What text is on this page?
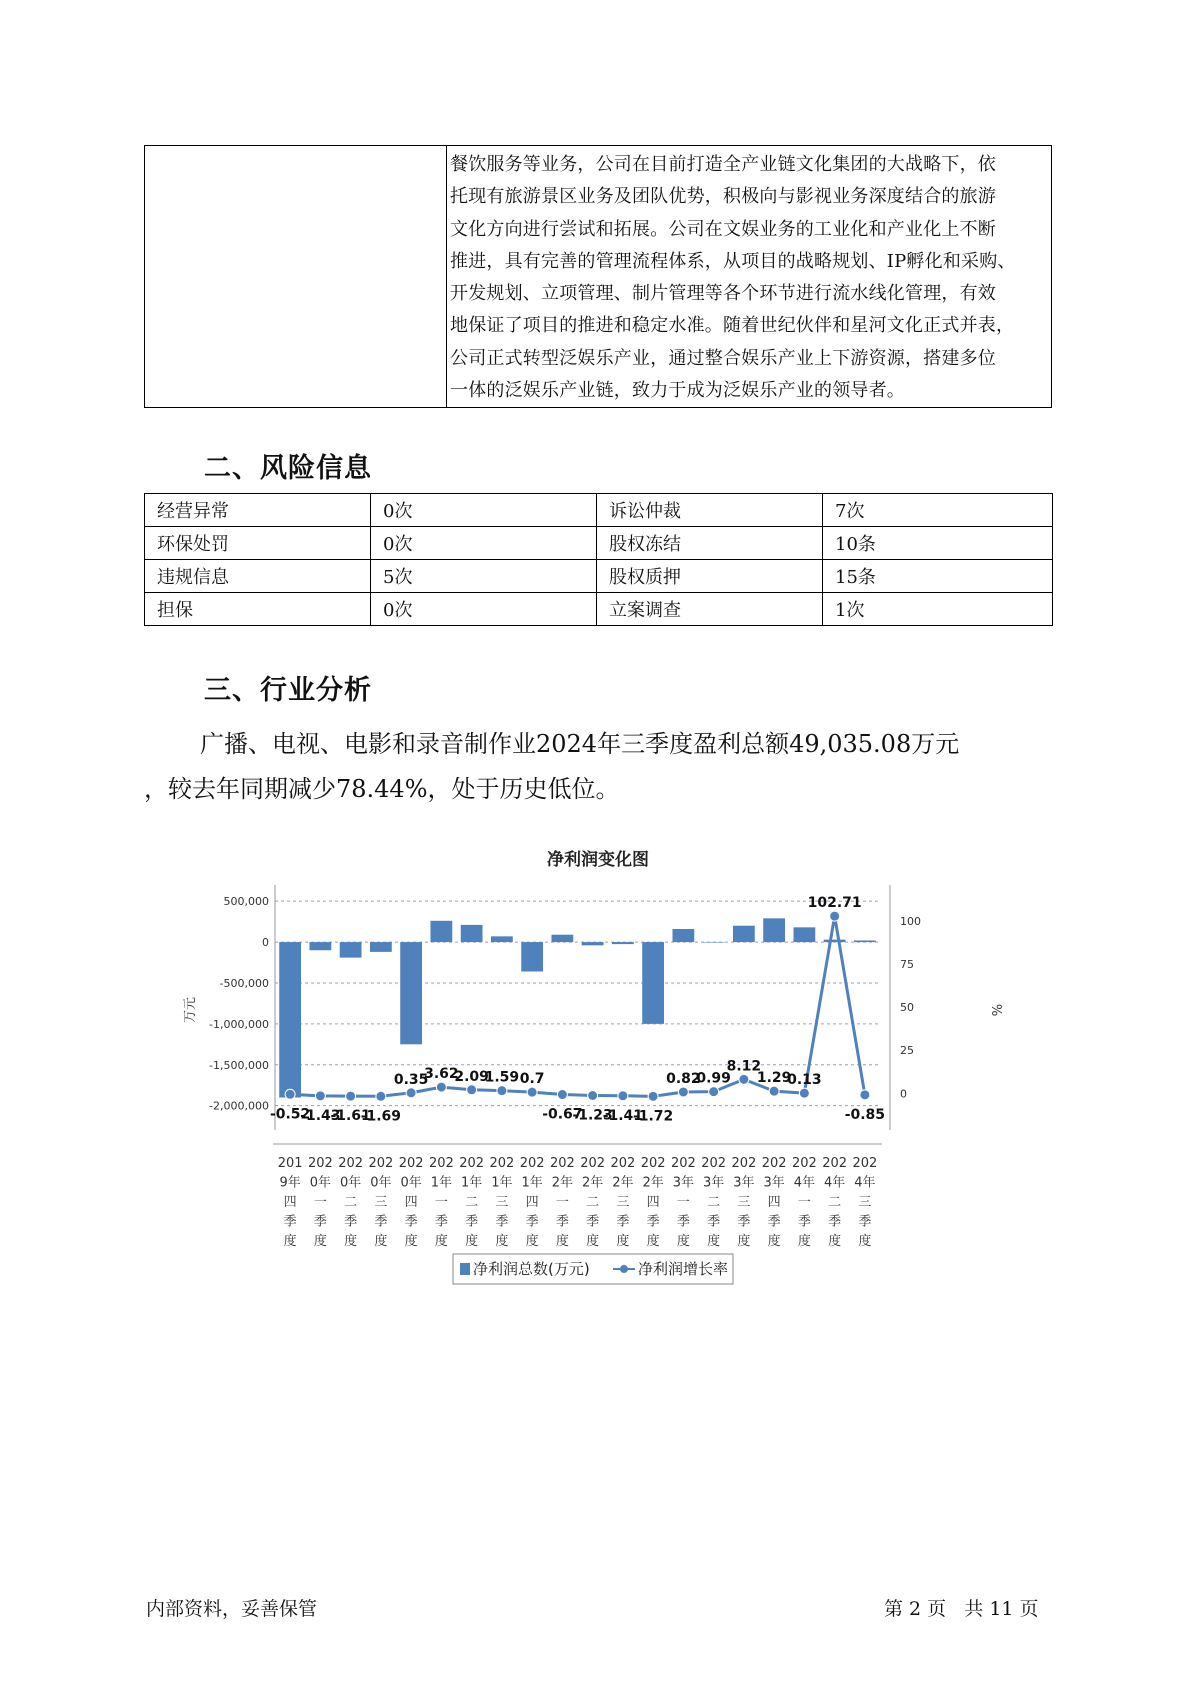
餐饮服务等业务，公司在目前打造全产业链文化集团的大战略下，依
托现有旅游景区业务及团队优势，积极向与影视业务深度结合的旅游
文化方向进行尝试和拓展。公司在文娱业务的工业化和产业化上不断
推进，具有完善的管理流程体系，从项目的战略规划、IP孵化和采购、
开发规划、立项管理、制片管理等各个环节进行流水线化管理，有效
地保证了项目的推进和稳定水准。随着世纪伙伴和星河文化正式并表，
公司正式转型泛娱乐产业，通过整合娱乐产业上下游资源，搭建多位
一体的泛娱乐产业链，致力于成为泛娱乐产业的领导者。
二、风险信息
经营异常	0次	诉讼仲裁	7次
环保处罚	0次	股权冻结	10条
违规信息	5次	股权质押	15条
担保	0次	立案调查	1次
三、行业分析
广播、电视、电影和录音制作业2024年三季度盈利总额49,035.08万元
，较去年同期减少78.44%，处于历史低位。
净利润变化图
500,000
0
-500,000
-1,000,000
-1,500,000
-2,000,000
100
75
50
25
0
-0.52
-1.43
-1.61
-1.69
0.35
3.62
2.09
1.59 0.7
-0.67
-1.23
-1.41
-1.72
0.82
0.99
8.12
1.29
0.13
102.71
-0.85
201
9年
四
季
度
202
0年
一
季
度
202
0年
二
季
度
202
0年
三
季
度
202
0年
四
季
度
202
1年
一
季
度
202
1年
二
季
度
202
1年
三
季
度
202
1年
四
季
度
202
2年
一
季
度
202
2年
二
季
度
202
2年
三
季
度
202
2年
四
季
度
202
3年
一
季
度
202
3年
二
季
度
202
3年
三
季
度
202
3年
四
季
度
202
4年
一
季
度
202
4年
二
季
度
202
4年
三
季
度
万元	%
净利润总数(万元)	净利润增长率
内部资料，妥善保管	第 2 页   共 11 页
